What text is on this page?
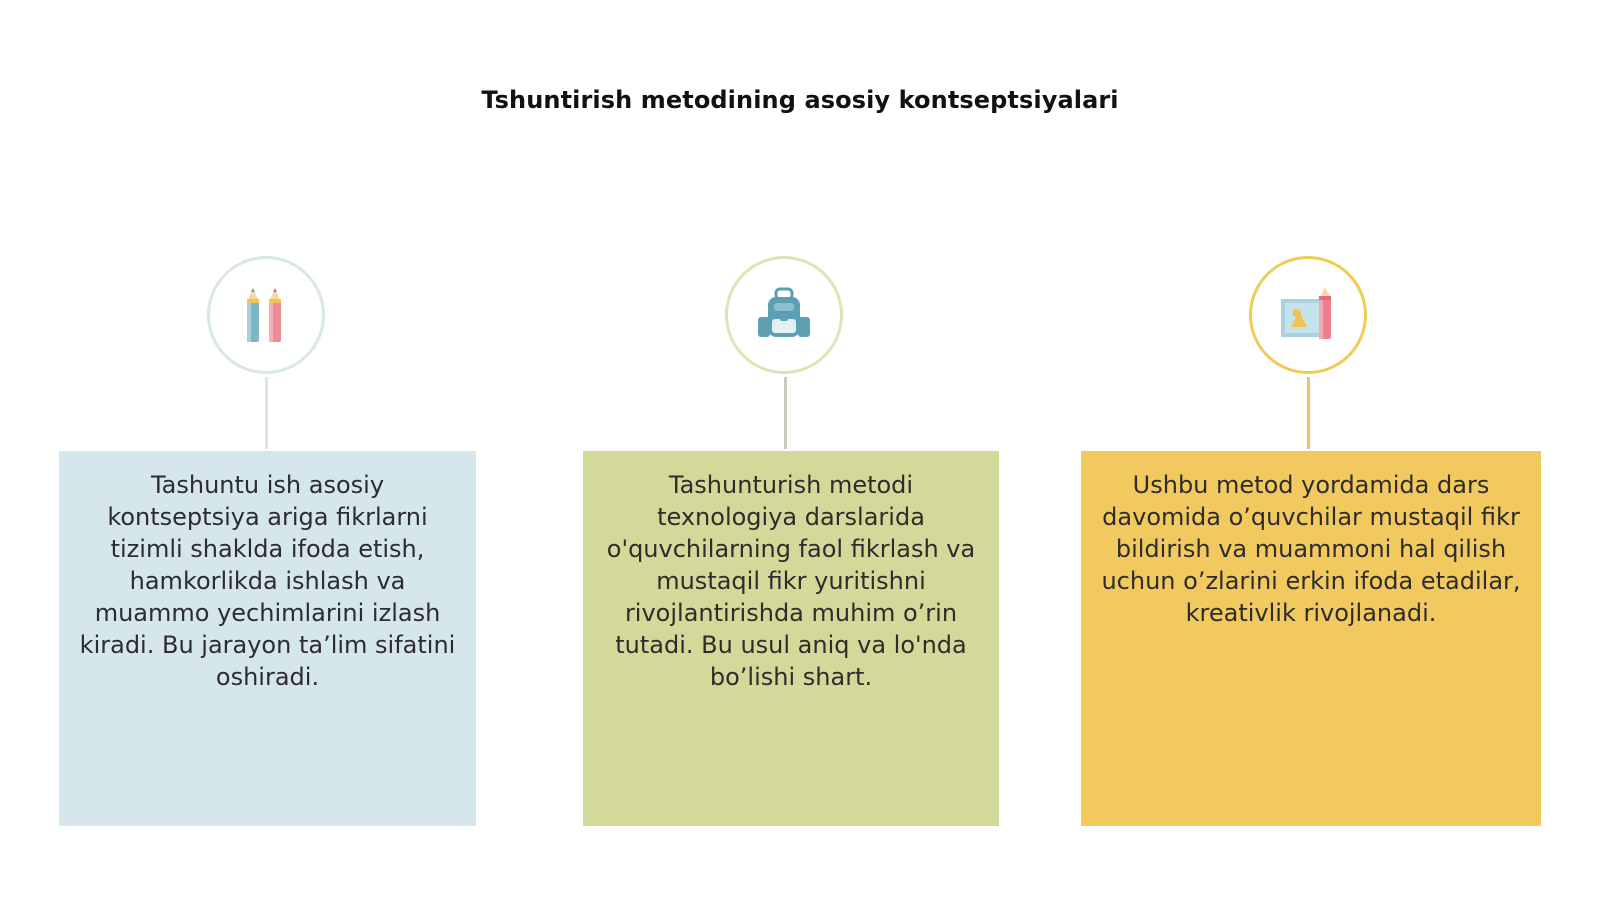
Tshuntirish metodining asosiy kontseptsiyalari
Tashuntu ish asosiy kontseptsiya ariga fikrlarni tizimli shaklda ifoda etish, hamkorlikda ishlash va muammo yechimlarini izlash kiradi. Bu jarayon ta’lim sifatini oshiradi.
Tashunturish metodi texnologiya darslarida o'quvchilarning faol fikrlash va mustaqil fikr yuritishni rivojlantirishda muhim o’rin tutadi. Bu usul aniq va lo'nda bo’lishi shart.
Ushbu metod yordamida dars davomida o’quvchilar mustaqil fikr bildirish va muammoni hal qilish uchun o’zlarini erkin ifoda etadilar, kreativlik rivojlanadi.
